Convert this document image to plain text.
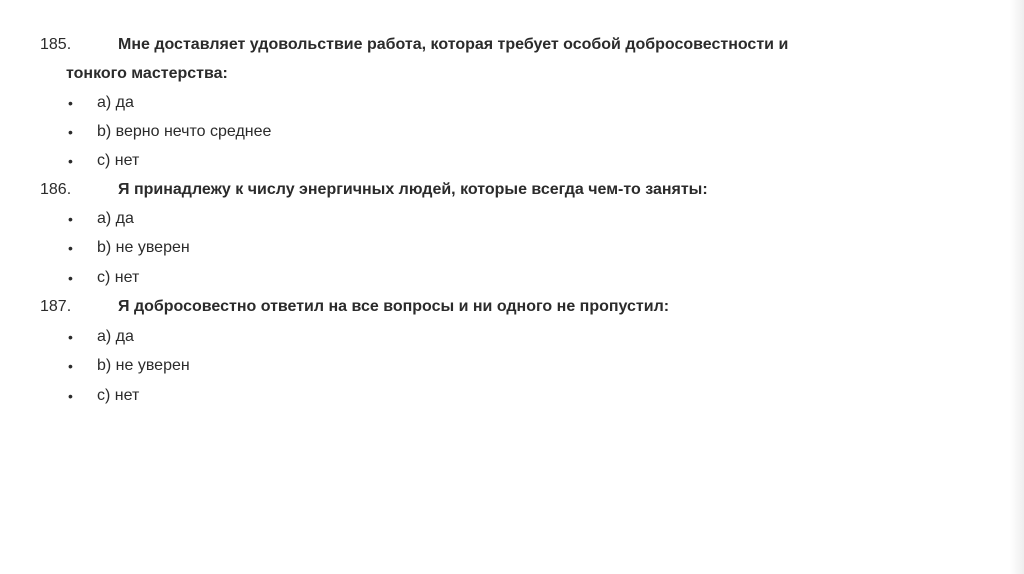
185.	Мне доставляет удовольствие работа, которая требует особой добросовестности и
тонкого мастерства:
• a) да
• b) верно нечто среднее
• c) нет
186.	Я принадлежу к числу энергичных людей, которые всегда чем-то заняты:
• a) да
• b) не уверен
• c) нет
187.	Я добросовестно ответил на все вопросы и ни одного не пропустил:
• a) да
• b) не уверен
• c) нет
